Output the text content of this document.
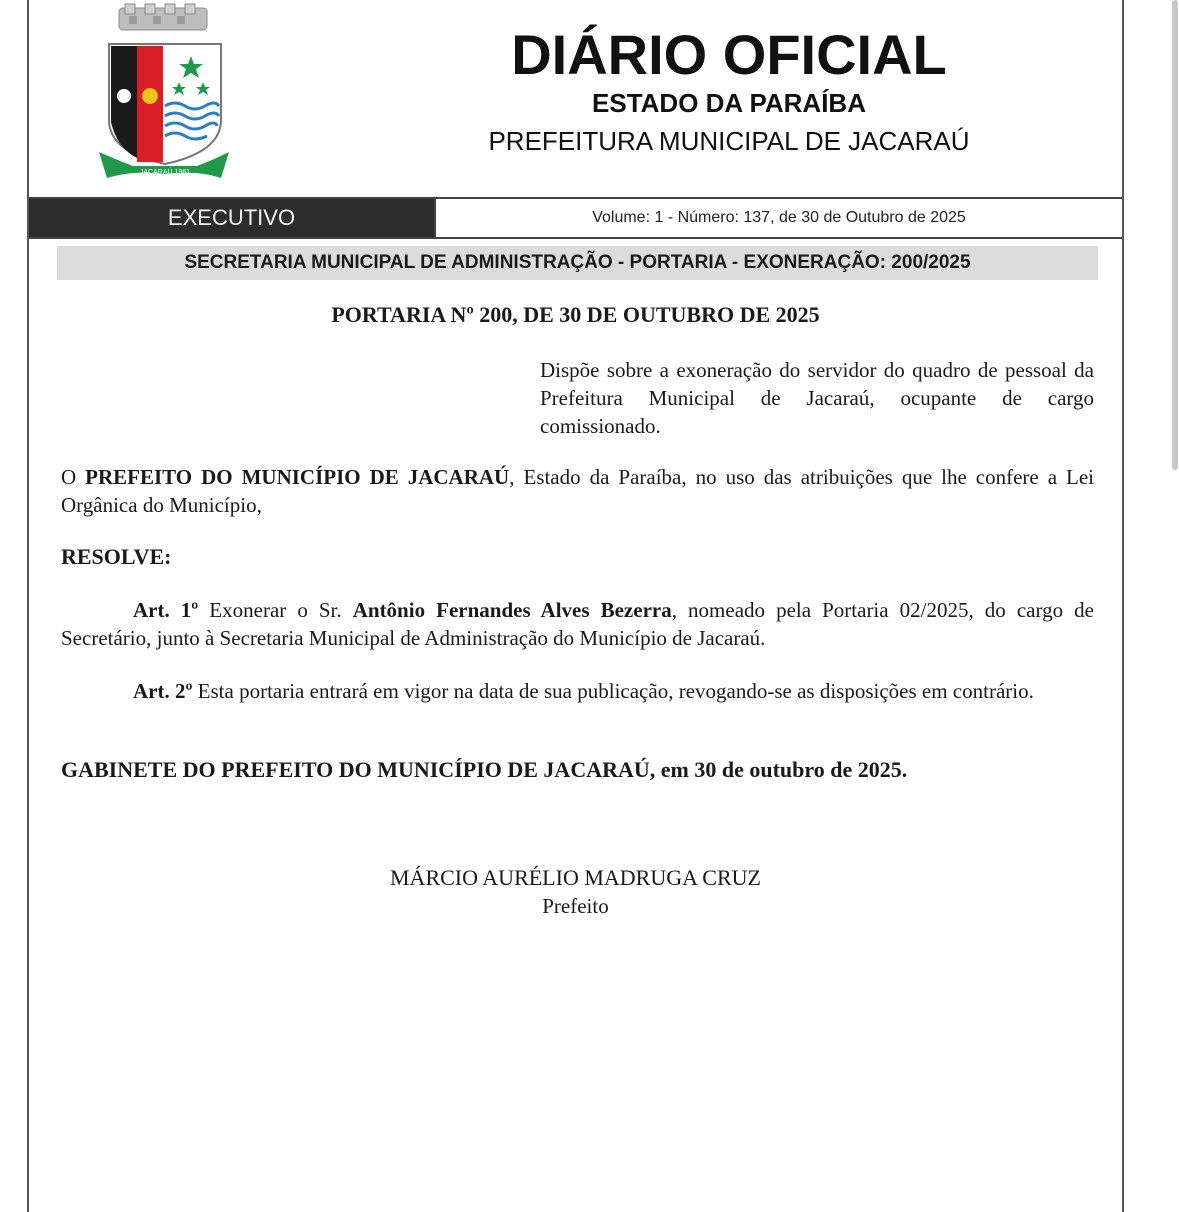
JACARAÚ 1961
DIÁRIO OFICIAL
ESTADO DA PARAÍBA
PREFEITURA MUNICIPAL DE JACARAÚ
EXECUTIVO	Volume: 1 - Número: 137, de 30 de Outubro de 2025
SECRETARIA MUNICIPAL DE ADMINISTRAÇÃO - PORTARIA - EXONERAÇÃO: 200/2025
PORTARIA Nº 200, DE 30 DE OUTUBRO DE 2025
Dispõe sobre a exoneração do servidor do quadro de pessoal da Prefeitura Municipal de Jacaraú, ocupante de cargo comissionado.
O PREFEITO DO MUNICÍPIO DE JACARAÚ, Estado da Paraíba, no uso das atribuições que lhe confere a Lei Orgânica do Município,
RESOLVE:
Art. 1º Exonerar o Sr. Antônio Fernandes Alves Bezerra, nomeado pela Portaria 02/2025, do cargo de Secretário, junto à Secretaria Municipal de Administração do Município de Jacaraú.
Art. 2º Esta portaria entrará em vigor na data de sua publicação, revogando-se as disposições em contrário.
GABINETE DO PREFEITO DO MUNICÍPIO DE JACARAÚ, em 30 de outubro de 2025.
MÁRCIO AURÉLIO MADRUGA CRUZ
Prefeito
